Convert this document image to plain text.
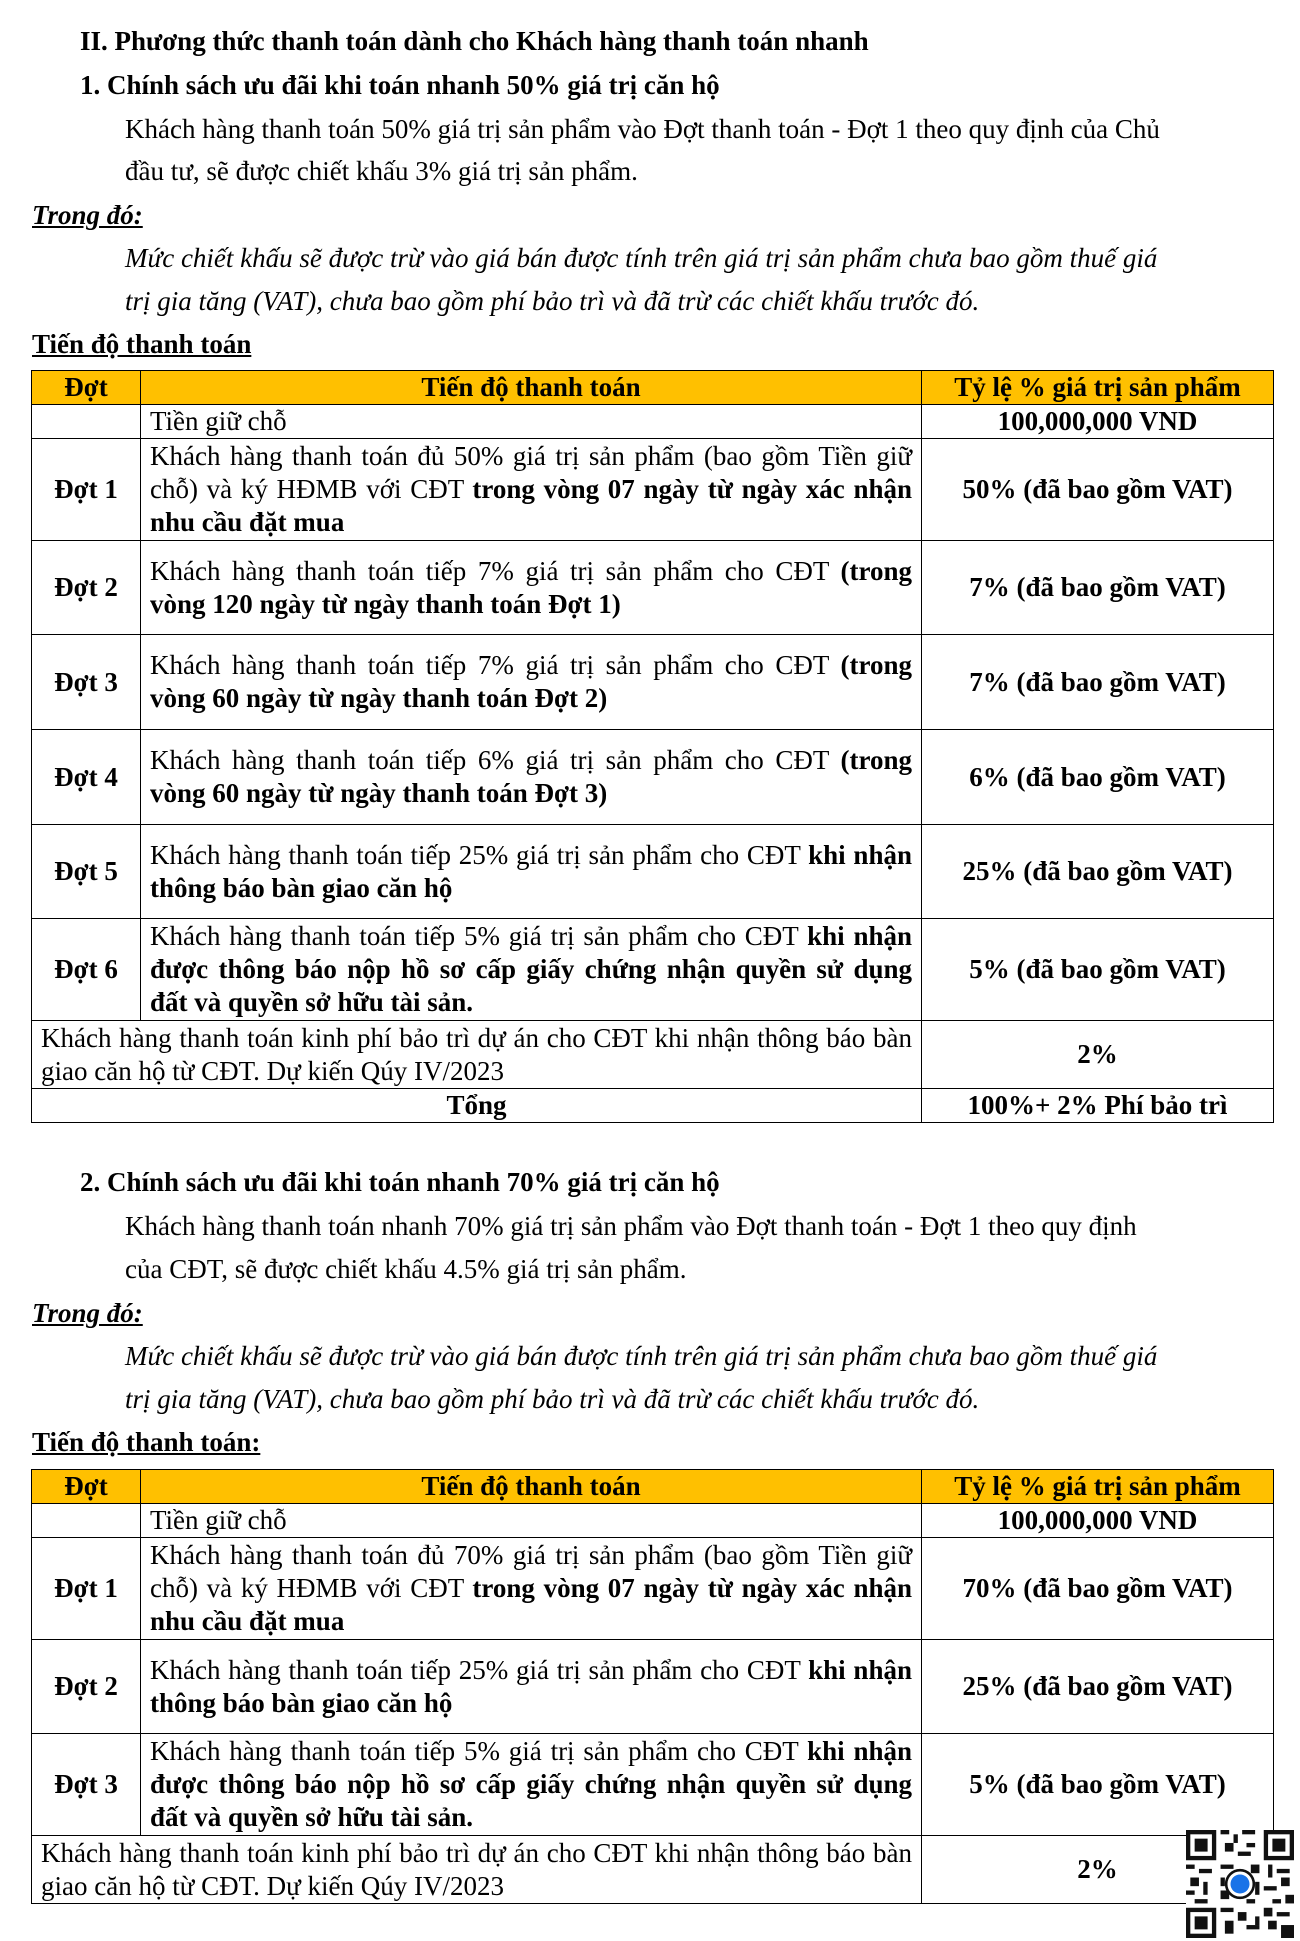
II. Phương thức thanh toán dành cho Khách hàng thanh toán nhanh
1. Chính sách ưu đãi khi toán nhanh 50% giá trị căn hộ
Khách hàng thanh toán 50% giá trị sản phẩm vào Đợt thanh toán - Đợt 1 theo quy định của Chủ
đầu tư, sẽ được chiết khấu 3% giá trị sản phẩm.
Trong đó:
Mức chiết khấu sẽ được trừ vào giá bán được tính trên giá trị sản phẩm chưa bao gồm thuế giá
trị gia tăng (VAT), chưa bao gồm phí bảo trì và đã trừ các chiết khấu trước đó.
Tiến độ thanh toán
Đợt	Tiến độ thanh toán	Tỷ lệ % giá trị sản phẩm
	Tiền giữ chỗ	100,000,000 VND
Đợt 1	Khách hàng thanh toán đủ 50% giá trị sản phẩm (bao gồm Tiền giữ chỗ) và ký HĐMB với CĐT trong vòng 07 ngày từ ngày xác nhận nhu cầu đặt mua	50% (đã bao gồm VAT)
Đợt 2	Khách hàng thanh toán tiếp 7% giá trị sản phẩm cho CĐT (trong vòng 120 ngày từ ngày thanh toán Đợt 1)	7% (đã bao gồm VAT)
Đợt 3	Khách hàng thanh toán tiếp 7% giá trị sản phẩm cho CĐT (trong vòng 60 ngày từ ngày thanh toán Đợt 2)	7% (đã bao gồm VAT)
Đợt 4	Khách hàng thanh toán tiếp 6% giá trị sản phẩm cho CĐT (trong vòng 60 ngày từ ngày thanh toán Đợt 3)	6% (đã bao gồm VAT)
Đợt 5	Khách hàng thanh toán tiếp 25% giá trị sản phẩm cho CĐT khi nhận thông báo bàn giao căn hộ	25% (đã bao gồm VAT)
Đợt 6	Khách hàng thanh toán tiếp 5% giá trị sản phẩm cho CĐT khi nhận được thông báo nộp hồ sơ cấp giấy chứng nhận quyền sử dụng đất và quyền sở hữu tài sản.	5% (đã bao gồm VAT)
Khách hàng thanh toán kinh phí bảo trì dự án cho CĐT khi nhận thông báo bàn giao căn hộ từ CĐT. Dự kiến Qúy IV/2023		2%
Tổng		100%+ 2% Phí bảo trì
2. Chính sách ưu đãi khi toán nhanh 70% giá trị căn hộ
Khách hàng thanh toán nhanh 70% giá trị sản phẩm vào Đợt thanh toán - Đợt 1 theo quy định
của CĐT, sẽ được chiết khấu 4.5% giá trị sản phẩm.
Trong đó:
Mức chiết khấu sẽ được trừ vào giá bán được tính trên giá trị sản phẩm chưa bao gồm thuế giá
trị gia tăng (VAT), chưa bao gồm phí bảo trì và đã trừ các chiết khấu trước đó.
Tiến độ thanh toán:
Đợt	Tiến độ thanh toán	Tỷ lệ % giá trị sản phẩm
	Tiền giữ chỗ	100,000,000 VND
Đợt 1	Khách hàng thanh toán đủ 70% giá trị sản phẩm (bao gồm Tiền giữ chỗ) và ký HĐMB với CĐT trong vòng 07 ngày từ ngày xác nhận nhu cầu đặt mua	70% (đã bao gồm VAT)
Đợt 2	Khách hàng thanh toán tiếp 25% giá trị sản phẩm cho CĐT khi nhận thông báo bàn giao căn hộ	25% (đã bao gồm VAT)
Đợt 3	Khách hàng thanh toán tiếp 5% giá trị sản phẩm cho CĐT khi nhận được thông báo nộp hồ sơ cấp giấy chứng nhận quyền sử dụng đất và quyền sở hữu tài sản.	5% (đã bao gồm VAT)
Khách hàng thanh toán kinh phí bảo trì dự án cho CĐT khi nhận thông báo bàn giao căn hộ từ CĐT. Dự kiến Qúy IV/2023		2%
